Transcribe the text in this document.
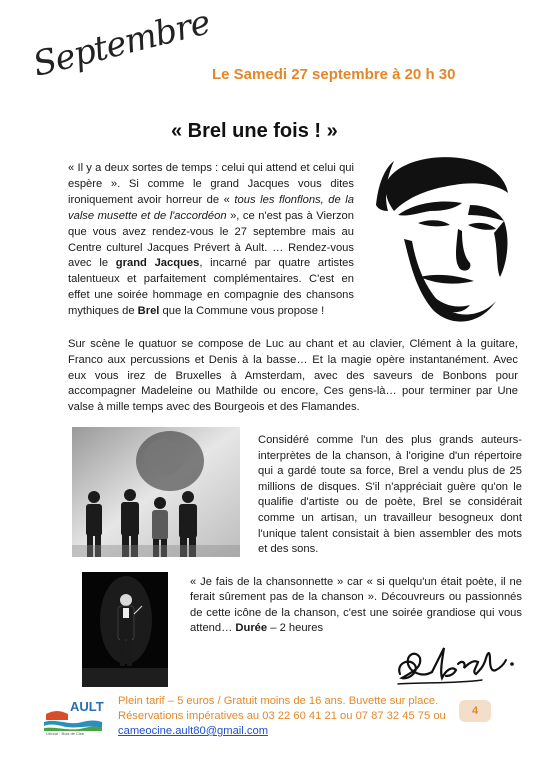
Septembre
Le Samedi 27 septembre à 20 h 30
« Brel une fois ! »

« Il y a deux sortes de temps : celui qui attend et celui qui espère ». Si comme le grand Jacques vous dites ironiquement avoir horreur de « tous les flonflons, de la valse musette et de l'accordéon », ce n'est pas à Vierzon que vous avez rendez-vous le 27 septembre mais au Centre culturel Jacques Prévert à Ault. … Rendez-vous avec le grand Jacques, incarné par quatre artistes talentueux et parfaitement complémentaires. C'est en effet une soirée hommage en compagnie des chansons mythiques de Brel que la Commune vous propose !

Sur scène le quatuor se compose de Luc au chant et au clavier, Clément à la guitare, Franco aux percussions et Denis à la basse… Et la magie opère instantanément. Avec eux vous irez de Bruxelles à Amsterdam, avec des saveurs de Bonbons pour accompagner Madeleine ou Mathilde ou encore, Ces gens-là… pour terminer par Une valse à mille temps avec des Bourgeois et des Flamandes.

Considéré comme l'un des plus grands auteurs-interprètes de la chanson, à l'origine d'un répertoire qui a gardé toute sa force, Brel a vendu plus de 25 millions de disques. S'il n'appréciait guère qu'on le qualifie d'artiste ou de poète, Brel se considérait comme un artisan, un travailleur besogneux dont l'unique talent consistait à bien assembler des mots et des sons.

« Je fais de la chansonnette » car « si quelqu'un était poète, il ne ferait sûrement pas de la chanson ». Découvreurs ou passionnés de cette icône de la chanson, c'est une soirée grandiose qui vous attend… Durée – 2 heures

AULT
Littoral · Bois de Cise
Plein tarif – 5 euros / Gratuit moins de 16 ans. Buvette sur place.
Réservations impératives au 03 22 60 41 21 ou 07 87 32 45 75 ou
cameocine.ault80@gmail.com
4
